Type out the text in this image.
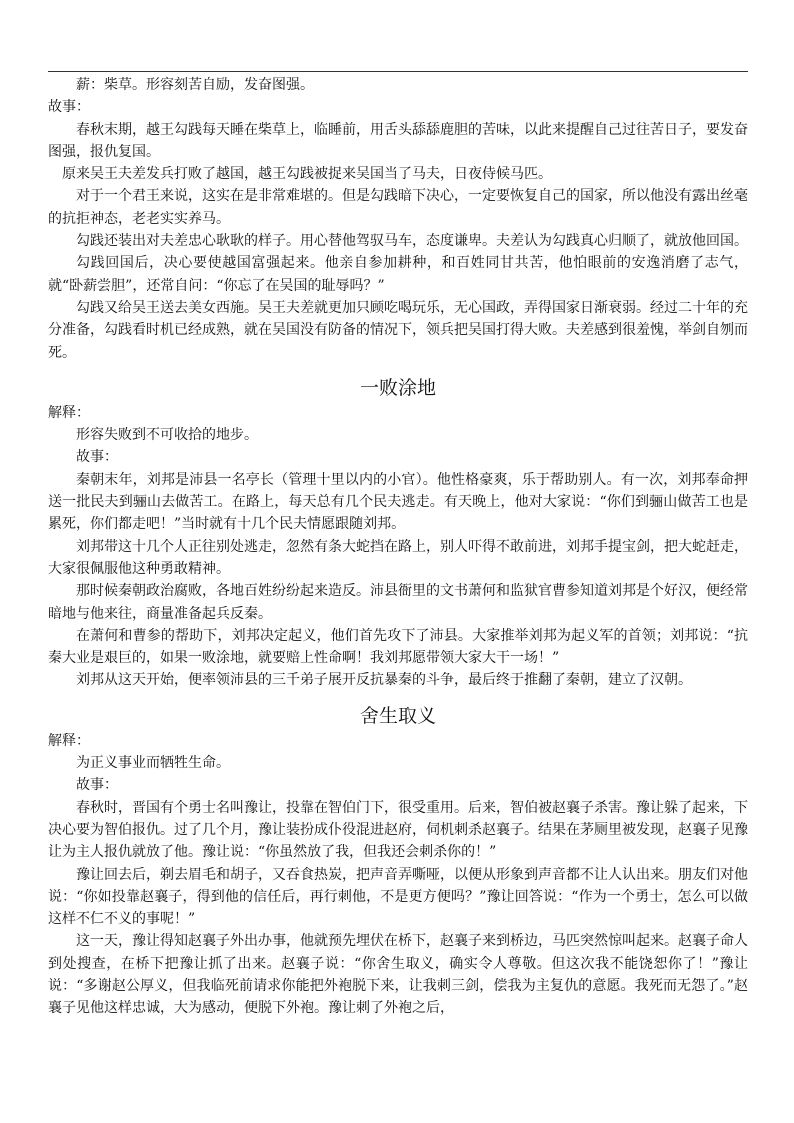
薪：柴草。形容刻苦自励，发奋图强。

故事：

春秋末期，越王勾践每天睡在柴草上，临睡前，用舌头舔舔鹿胆的苦味，以此来提醒自己过往苦日子，要发奋图强，报仇复国。

原来吴王夫差发兵打败了越国，越王勾践被捉来吴国当了马夫，日夜侍候马匹。

对于一个君王来说，这实在是非常难堪的。但是勾践暗下决心，一定要恢复自己的国家，所以他没有露出丝毫的抗拒神态，老老实实养马。

勾践还装出对夫差忠心耿耿的样子。用心替他驾驭马车，态度谦卑。夫差认为勾践真心归顺了，就放他回国。

勾践回国后，决心要使越国富强起来。他亲自参加耕种，和百姓同甘共苦，他怕眼前的安逸消磨了志气，就“卧薪尝胆”，还常自问：“你忘了在吴国的耻辱吗？”

勾践又给吴王送去美女西施。吴王夫差就更加只顾吃喝玩乐，无心国政，弄得国家日渐衰弱。经过二十年的充分准备，勾践看时机已经成熟，就在吴国没有防备的情况下，领兵把吴国打得大败。夫差感到很羞愧，举剑自刎而死。

一败涂地

解释：

形容失败到不可收拾的地步。

故事：

秦朝末年，刘邦是沛县一名亭长（管理十里以内的小官）。他性格豪爽，乐于帮助别人。有一次，刘邦奉命押送一批民夫到骊山去做苦工。在路上，每天总有几个民夫逃走。有天晚上，他对大家说：“你们到骊山做苦工也是累死，你们都走吧！”当时就有十几个民夫情愿跟随刘邦。

刘邦带这十几个人正往别处逃走，忽然有条大蛇挡在路上，别人吓得不敢前进，刘邦手提宝剑，把大蛇赶走，大家很佩服他这种勇敢精神。

那时候秦朝政治腐败，各地百姓纷纷起来造反。沛县衙里的文书萧何和监狱官曹参知道刘邦是个好汉，便经常暗地与他来往，商量准备起兵反秦。

在萧何和曹参的帮助下，刘邦决定起义，他们首先攻下了沛县。大家推举刘邦为起义军的首领；刘邦说：“抗秦大业是艰巨的，如果一败涂地，就要赔上性命啊！我刘邦愿带领大家大干一场！”

刘邦从这天开始，便率领沛县的三千弟子展开反抗暴秦的斗争，最后终于推翻了秦朝，建立了汉朝。

舍生取义

解释：

为正义事业而牺牲生命。

故事：

春秋时，晋国有个勇士名叫豫让，投靠在智伯门下，很受重用。后来，智伯被赵襄子杀害。豫让躲了起来，下决心要为智伯报仇。过了几个月，豫让装扮成仆役混进赵府，伺机刺杀赵襄子。结果在茅厕里被发现，赵襄子见豫让为主人报仇就放了他。豫让说：“你虽然放了我，但我还会刺杀你的！”

豫让回去后，剃去眉毛和胡子，又吞食热炭，把声音弄嘶哑，以便从形象到声音都不让人认出来。朋友们对他说：“你如投靠赵襄子，得到他的信任后，再行刺他，不是更方便吗？”豫让回答说：“作为一个勇士，怎么可以做这样不仁不义的事呢！”

这一天，豫让得知赵襄子外出办事，他就预先埋伏在桥下，赵襄子来到桥边，马匹突然惊叫起来。赵襄子命人到处搜查，在桥下把豫让抓了出来。赵襄子说：“你舍生取义，确实令人尊敬。但这次我不能饶恕你了！”豫让说：“多谢赵公厚义，但我临死前请求你能把外袍脱下来，让我刺三剑，偿我为主复仇的意愿。我死而无怨了。”赵襄子见他这样忠诚，大为感动，便脱下外袍。豫让刺了外袍之后，
